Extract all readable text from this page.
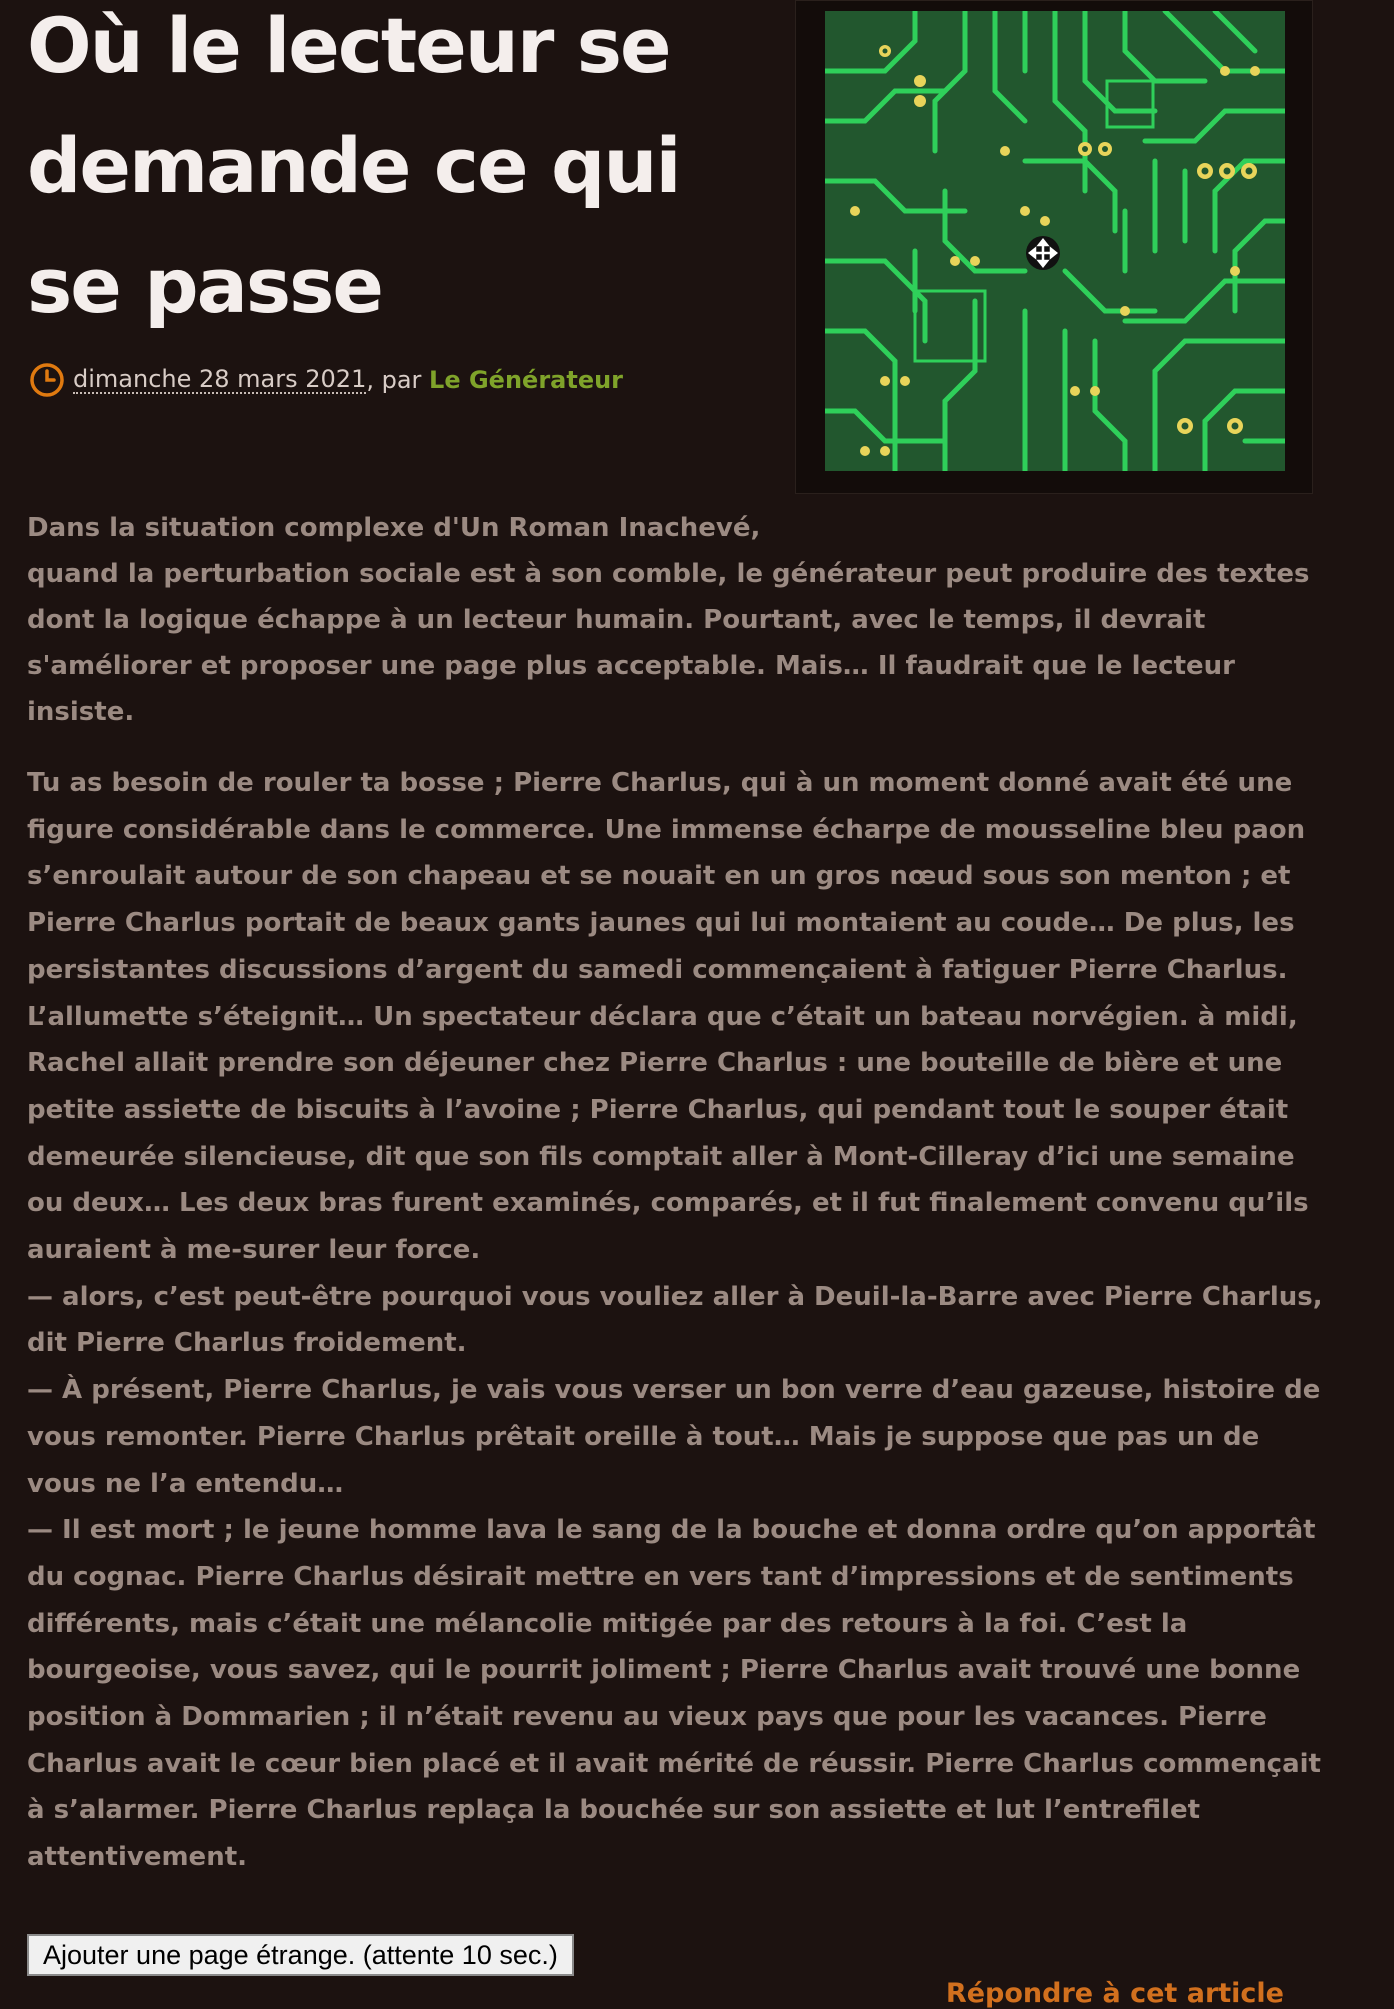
Où le lecteur se demande ce qui se passe
dimanche 28 mars 2021 , par Le Générateur

Dans la situation complexe d'Un Roman Inachevé,

quand la perturbation sociale est à son comble, le générateur peut produire des textes dont la logique échappe à un lecteur humain. Pourtant, avec le temps, il devrait s'améliorer et proposer une page plus acceptable. Mais… Il faudrait que le lecteur insiste.

Tu as besoin de rouler ta bosse ; Pierre Charlus, qui à un moment donné avait été une figure considérable dans le commerce. Une immense écharpe de mousseline bleu paon s’enroulait autour de son chapeau et se nouait en un gros nœud sous son menton ; et Pierre Charlus portait de beaux gants jaunes qui lui montaient au coude… De plus, les persistantes discussions d’argent du samedi commençaient à fatiguer Pierre Charlus. L’allumette s’éteignit… Un spectateur déclara que c’était un bateau norvégien. à midi, Rachel allait prendre son déjeuner chez Pierre Charlus : une bouteille de bière et une petite assiette de biscuits à l’avoine ; Pierre Charlus, qui pendant tout le souper était demeurée silencieuse, dit que son fils comptait aller à Mont-Cilleray d’ici une semaine ou deux… Les deux bras furent examinés, comparés, et il fut finalement convenu qu’ils auraient à me-surer leur force.

— alors, c’est peut-être pourquoi vous vouliez aller à Deuil-la-Barre avec Pierre Charlus, dit Pierre Charlus froidement.

— À présent, Pierre Charlus, je vais vous verser un bon verre d’eau gazeuse, histoire de vous remonter. Pierre Charlus prêtait oreille à tout… Mais je suppose que pas un de vous ne l’a entendu…

— Il est mort ; le jeune homme lava le sang de la bouche et donna ordre qu’on apportât du cognac. Pierre Charlus désirait mettre en vers tant d’impressions et de sentiments différents, mais c’était une mélancolie mitigée par des retours à la foi. C’est la bourgeoise, vous savez, qui le pourrit joliment ; Pierre Charlus avait trouvé une bonne position à Dommarien ; il n’était revenu au vieux pays que pour les vacances. Pierre Charlus avait le cœur bien placé et il avait mérité de réussir. Pierre Charlus commençait à s’alarmer. Pierre Charlus replaça la bouchée sur son assiette et lut l’entrefilet attentivement.

Ajouter une page étrange. (attente 10 sec.)
Répondre à cet article
